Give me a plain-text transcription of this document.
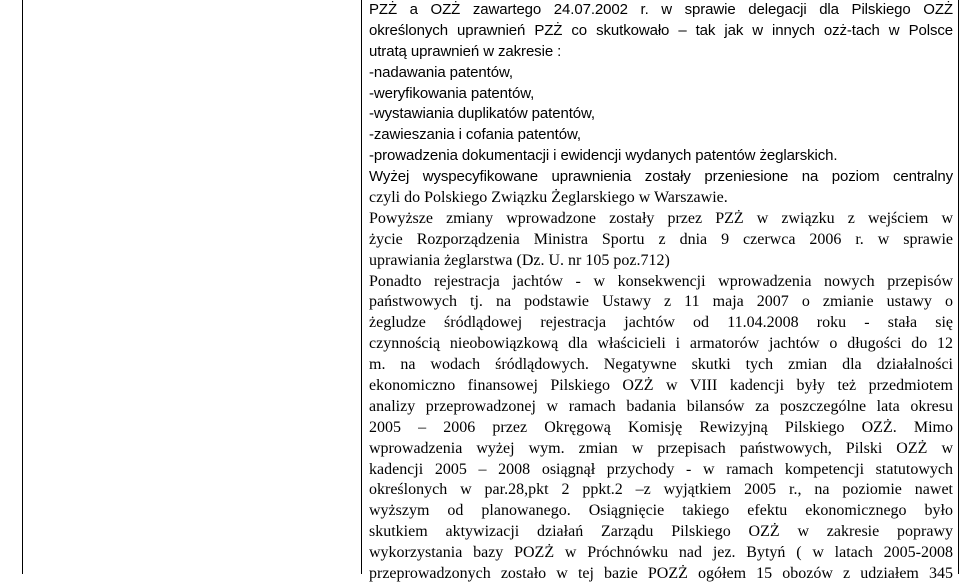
PZŻ a OZŻ zawartego 24.07.2002 r. w sprawie delegacji dla Pilskiego OZŻ
określonych uprawnień PZŻ co skutkowało – tak jak w innych ozż-tach w Polsce
utratą uprawnień w zakresie :
-nadawania patentów,
-weryfikowania patentów,
-wystawiania duplikatów patentów,
-zawieszania i cofania patentów,
-prowadzenia dokumentacji i ewidencji wydanych patentów żeglarskich.
Wyżej wyspecyfikowane uprawnienia zostały przeniesione na poziom centralny
czyli do Polskiego Związku Żeglarskiego w Warszawie.
Powyższe zmiany wprowadzone zostały przez PZŻ w związku z wejściem w
życie Rozporządzenia Ministra Sportu z dnia 9 czerwca 2006 r. w sprawie
uprawiania żeglarstwa (Dz. U. nr 105 poz.712)
Ponadto rejestracja jachtów - w konsekwencji wprowadzenia nowych przepisów
państwowych tj. na podstawie Ustawy z 11 maja 2007 o zmianie ustawy o
żegludze śródlądowej rejestracja jachtów od 11.04.2008 roku - stała się
czynnością nieobowiązkową dla właścicieli i armatorów jachtów o długości do 12
m. na wodach śródlądowych. Negatywne skutki tych zmian dla działalności
ekonomiczno finansowej Pilskiego OZŻ w VIII kadencji były też przedmiotem
analizy przeprowadzonej w ramach badania bilansów za poszczególne lata okresu
2005 – 2006 przez Okręgową Komisję Rewizyjną Pilskiego OZŻ. Mimo
wprowadzenia wyżej wym. zmian w przepisach państwowych, Pilski OZŻ w
kadencji 2005 – 2008 osiągnął przychody - w ramach kompetencji statutowych
określonych w par.28,pkt 2 ppkt.2 –z wyjątkiem 2005 r., na poziomie nawet
wyższym od planowanego. Osiągnięcie takiego efektu ekonomicznego było
skutkiem aktywizacji działań Zarządu Pilskiego OZŻ w zakresie poprawy
wykorzystania bazy POZŻ w Próchnówku nad jez. Bytyń ( w latach 2005-2008
przeprowadzonych zostało w tej bazie POZŻ ogółem 15 obozów z udziałem 345
